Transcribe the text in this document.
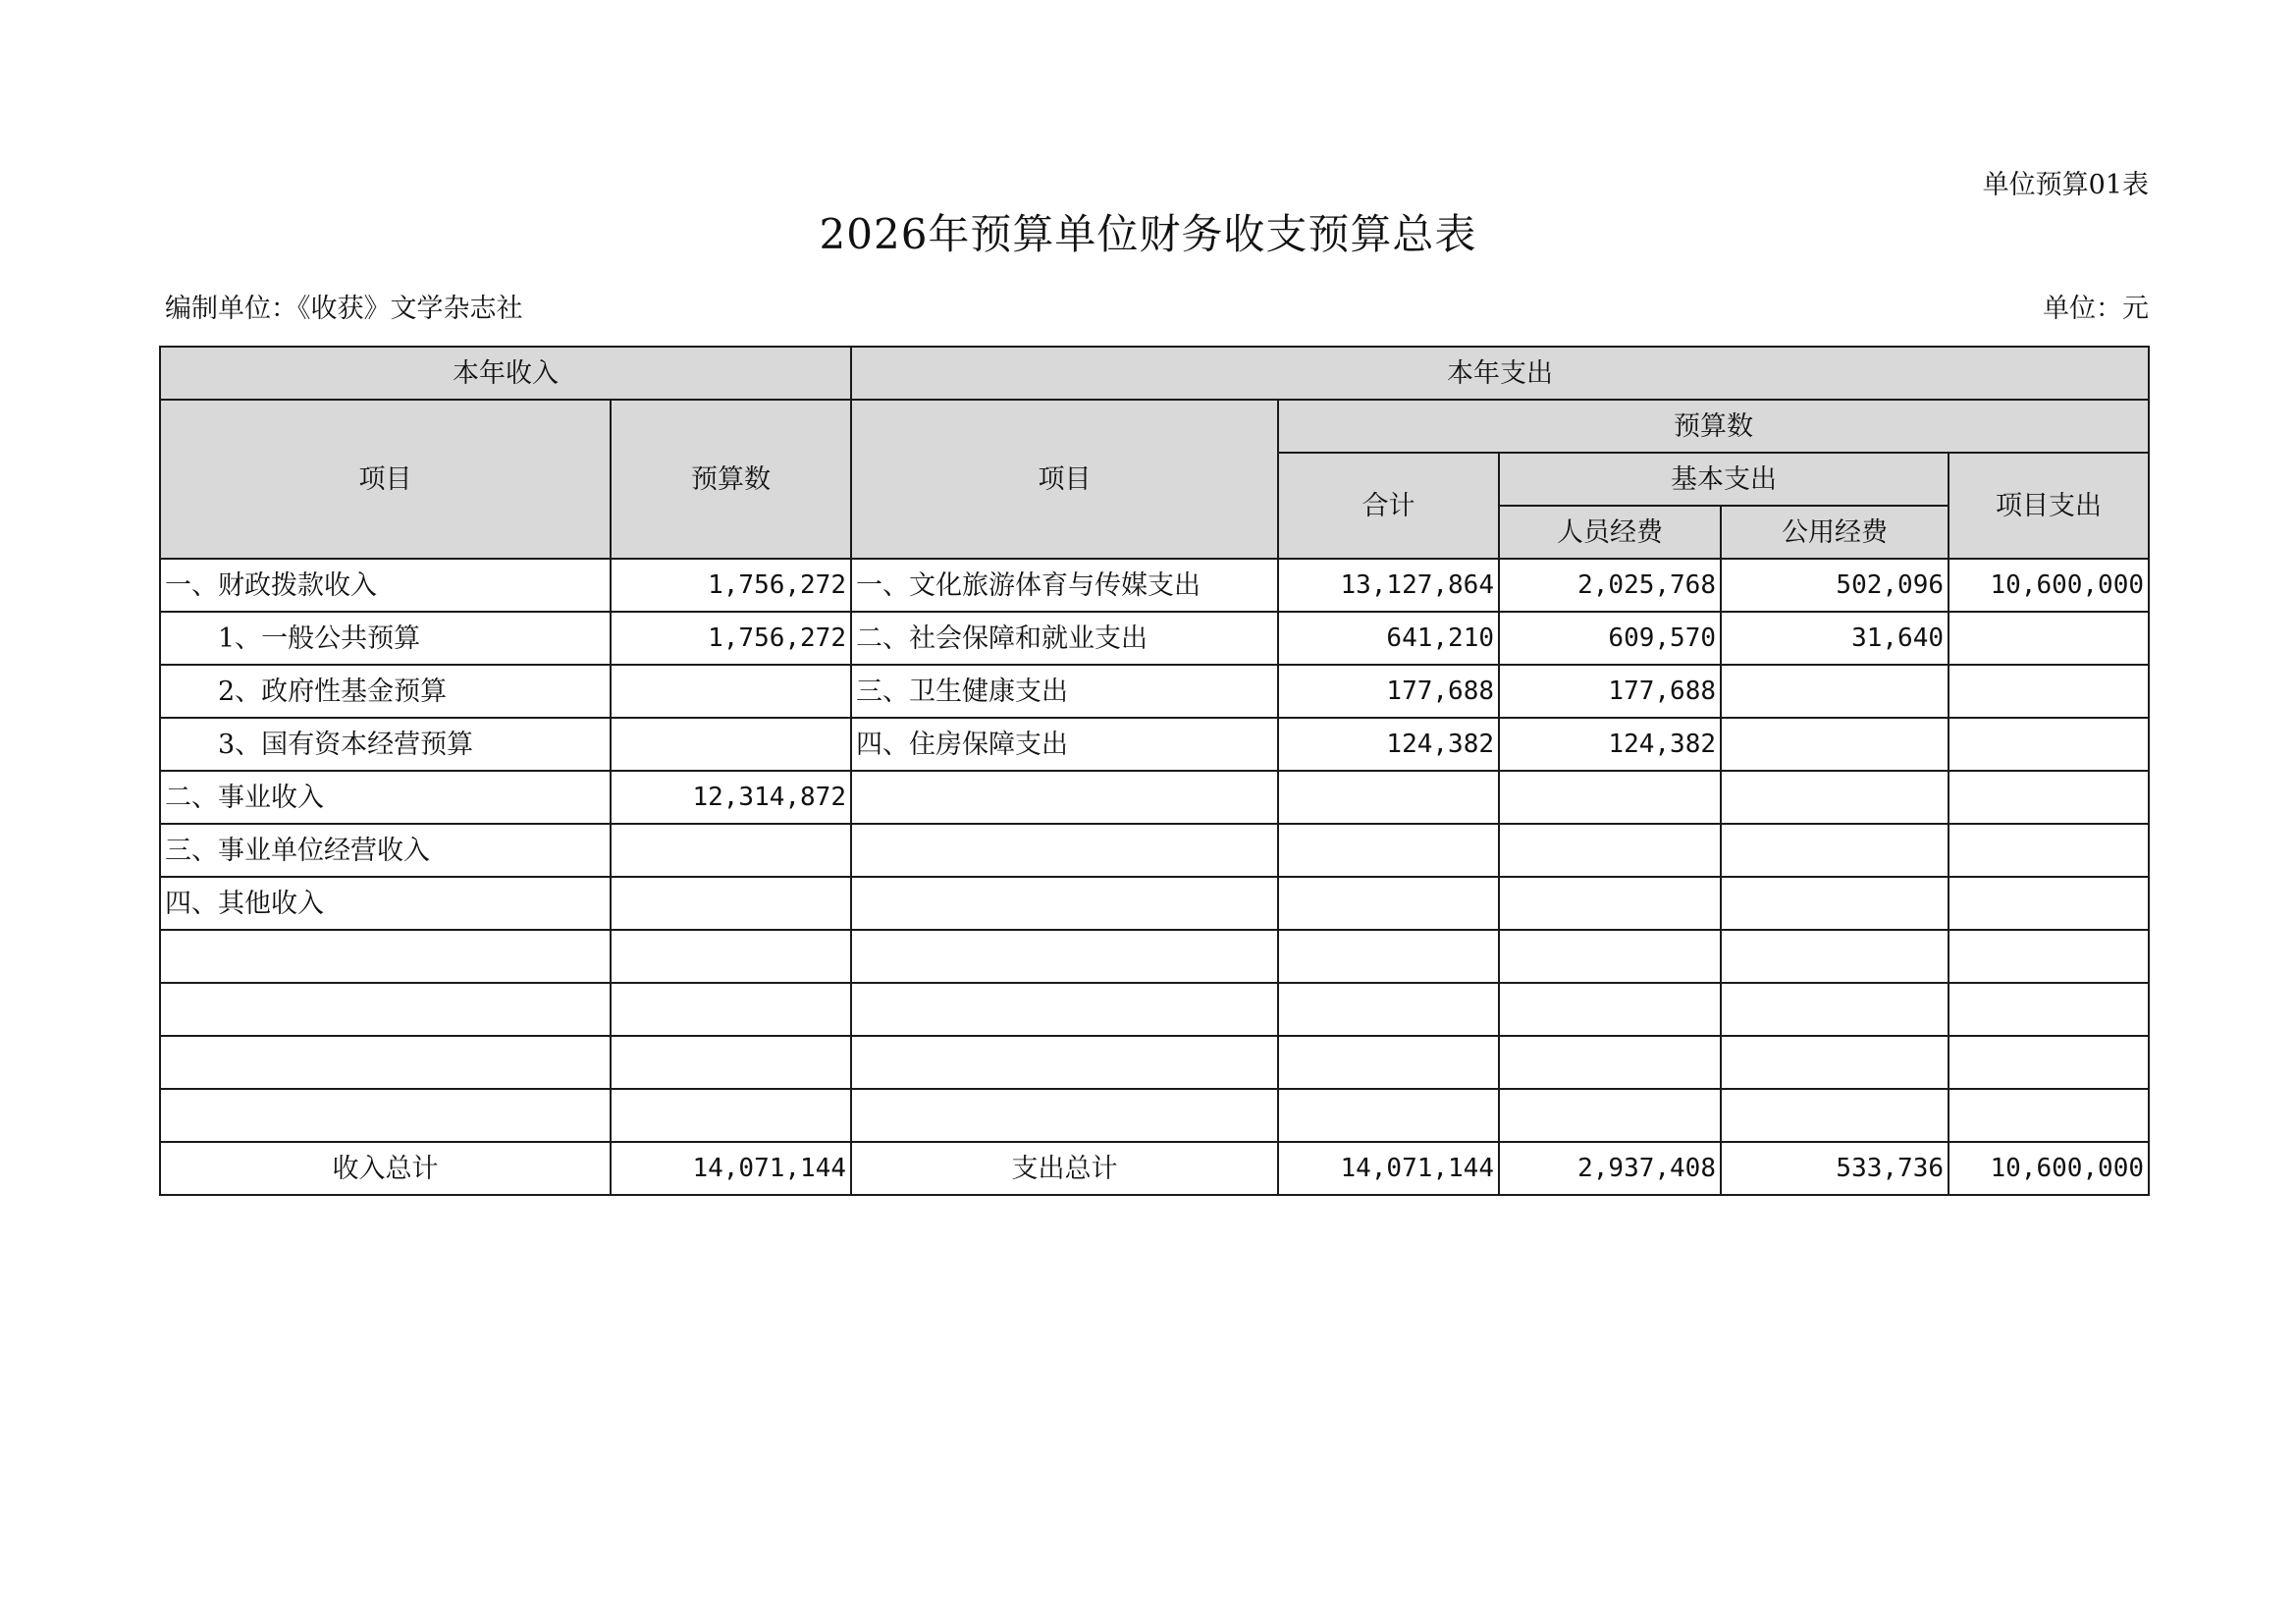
单位预算01表
2026年预算单位财务收支预算总表
编制单位：《收获》文学杂志社	单位：元
本年收入		本年支出				
项目	预算数	项目	预算数			
			合计	基本支出		项目支出
				人员经费	公用经费	
一、财政拨款收入	1,756,272	一、文化旅游体育与传媒支出	13,127,864	2,025,768	502,096	10,600,000
1、一般公共预算	1,756,272	二、社会保障和就业支出	641,210	609,570	31,640	
2、政府性基金预算		三、卫生健康支出	177,688	177,688		
3、国有资本经营预算		四、住房保障支出	124,382	124,382		
二、事业收入	12,314,872					
三、事业单位经营收入						
四、其他收入						

收入总计	14,071,144	支出总计	14,071,144	2,937,408	533,736	10,600,000
